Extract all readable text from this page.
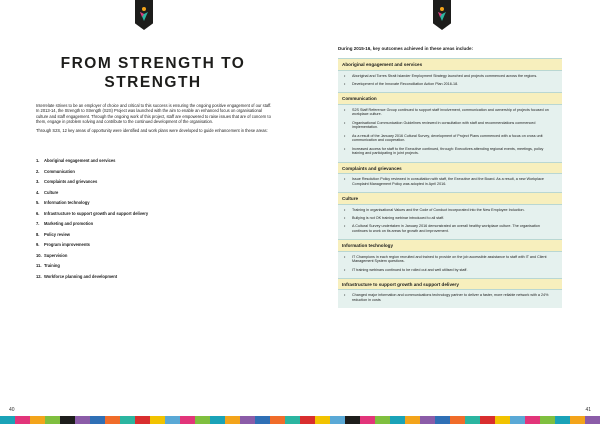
FROM STRENGTH TO
STRENGTH

Interrelate strives to be an employer of choice and critical to this success is ensuring the ongoing positive engagement of our staff. In 2013-14, the Strength to Strength (S2S) Project was launched with the aim to enable an enhanced focus on organisational culture and staff engagement. Through the ongoing work of this project, staff are empowered to raise issues that are of concern to them, engage in problem solving and contribute to the continued development of the organisation.

Through S2S, 12 key areas of opportunity were identified and work plans were developed to guide enhancement in these areas:

1.	Aboriginal engagement and services
2.	Communication
3.	Complaints and grievances
4.	Culture
5.	Information technology
6.	Infrastructure to support growth and support delivery
7.	Marketing and promotion
8.	Policy review
9.	Program improvements
10. Supervision
11. Training
12. Workforce planning and development
40
During 2015-16, key outcomes achieved in these areas include:
Aboriginal engagement and services
•	Aboriginal and Torres Strait Islander Employment Strategy launched and projects commenced across the regions.
•	Development of the Innovate Reconciliation Action Plan 2016-18.
Communication
•	S2S Staff Reference Group continued to support staff involvement, communication and ownership of projects focused on workplace culture.
•	Organisational Communication Guidelines reviewed in consultation with staff and recommendations commenced implementation.
•	As a result of the January 2016 Cultural Survey, development of Project Plans commenced with a focus on cross unit communication and cooperation.
•	Increased access for staff to the Executive continued, through: Executives attending regional events, meetings, policy training and participating in joint projects.
Complaints and grievances
•	Issue Resolution Policy reviewed in consultation with staff, the Executive and the Board. As a result, a new Workplace Complaint Management Policy was adopted in April 2016.
Culture
•	Training in organisational Values and the Code of Conduct incorporated into the New Employee Induction.
•	Bullying is not OK training webinar introduced to all staff.
•	A Cultural Survey undertaken in January 2016 demonstrated an overall healthy workplace culture. The organisation continues to work on its areas for growth and improvement.
Information technology
•	IT Champions in each region recruited and trained to provide on the job accessible assistance to staff with IT and Client Management System questions.
•	IT training webinars continued to be rolled out and well utilised by staff.
Infrastructure to support growth and support delivery
•	Changed major information and communications technology partner to deliver a faster, more reliable network with a 24% reduction in costs
41
